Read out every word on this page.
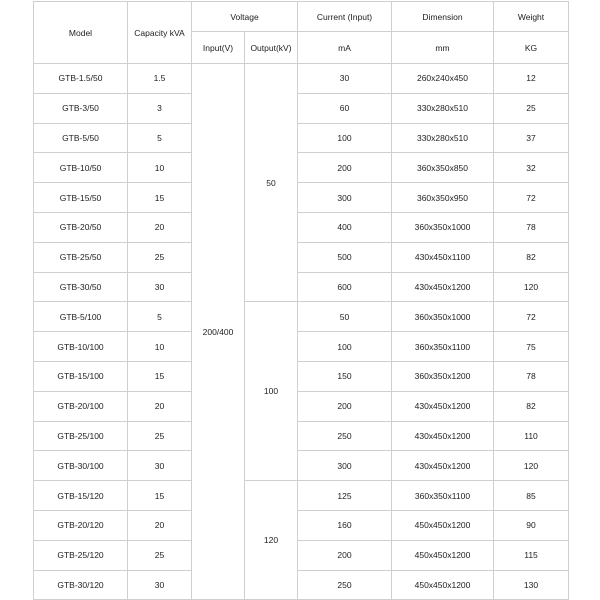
Model	Capacity kVA	Voltage		Current (Input)	Dimension	Weight
		Input(V)	Output(kV)	mA	mm	KG
GTB-1.5/50	1.5	200/400	50	30	260x240x450	12
GTB-3/50	3			60	330x280x510	25
GTB-5/50	5			100	330x280x510	37
GTB-10/50	10			200	360x350x850	32
GTB-15/50	15			300	360x350x950	72
GTB-20/50	20			400	360x350x1000	78
GTB-25/50	25			500	430x450x1100	82
GTB-30/50	30			600	430x450x1200	120
GTB-5/100	5		100	50	360x350x1000	72
GTB-10/100	10			100	360x350x1100	75
GTB-15/100	15			150	360x350x1200	78
GTB-20/100	20			200	430x450x1200	82
GTB-25/100	25			250	430x450x1200	110
GTB-30/100	30			300	430x450x1200	120
GTB-15/120	15		120	125	360x350x1100	85
GTB-20/120	20			160	450x450x1200	90
GTB-25/120	25			200	450x450x1200	115
GTB-30/120	30			250	450x450x1200	130
